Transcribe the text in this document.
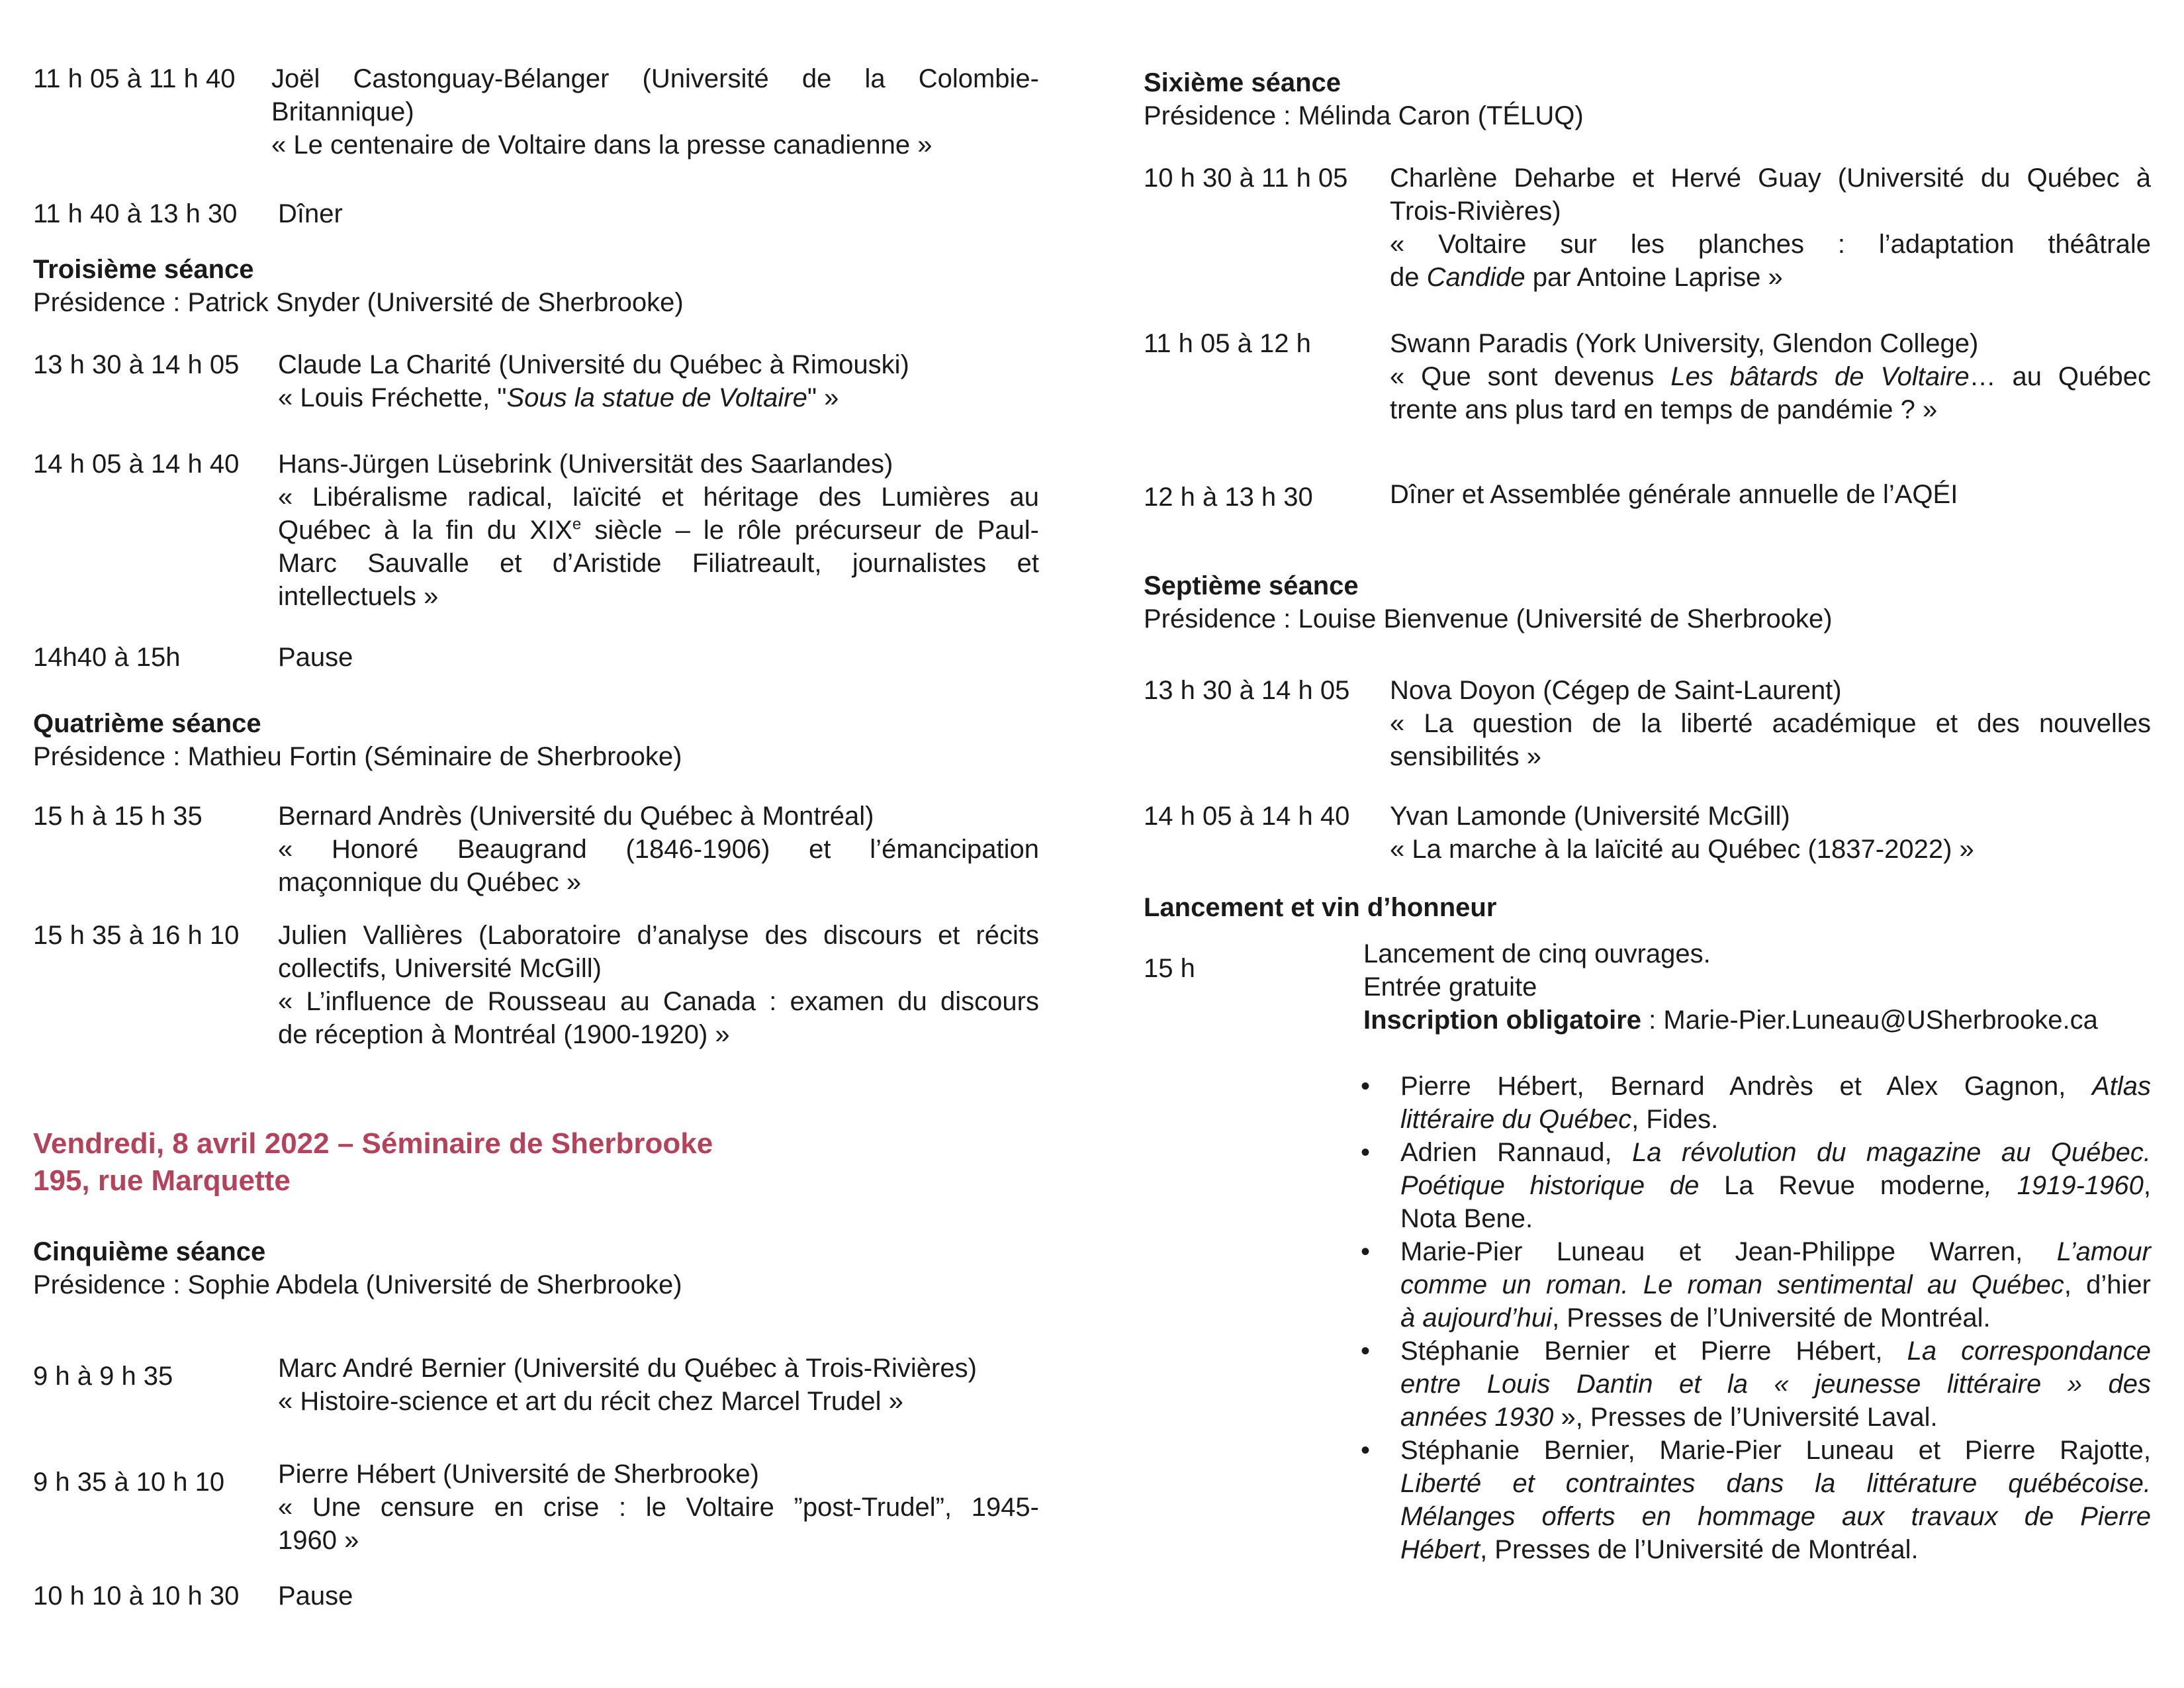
11 h 05 à 11 h 40 Joël Castonguay-Bélanger (Université de la Colombie-
Britannique)
« Le centenaire de Voltaire dans la presse canadienne »
11 h 40 à 13 h 30 Dîner
Troisième séance
Présidence : Patrick Snyder (Université de Sherbrooke)
13 h 30 à 14 h 05 Claude La Charité (Université du Québec à Rimouski)
« Louis Fréchette, "Sous la statue de Voltaire" »
14 h 05 à 14 h 40 Hans-Jürgen Lüsebrink (Universität des Saarlandes)
« Libéralisme radical, laïcité et héritage des Lumières au
Québec à la fin du XIXe siècle – le rôle précurseur de Paul-
Marc Sauvalle et d’Aristide Filiatreault, journalistes et
intellectuels »
14h40 à 15h	Pause
Quatrième séance
Présidence : Mathieu Fortin (Séminaire de Sherbrooke)
15 h à 15 h 35	Bernard Andrès (Université du Québec à Montréal)
« Honoré Beaugrand (1846-1906) et l’émancipation
maçonnique du Québec »
15 h 35 à 16 h 10 Julien Vallières (Laboratoire d’analyse des discours et récits
collectifs, Université McGill)
« L’influence de Rousseau au Canada : examen du discours
de réception à Montréal (1900-1920) »
Vendredi, 8 avril 2022 – Séminaire de Sherbrooke
195, rue Marquette
Cinquième séance
Présidence : Sophie Abdela (Université de Sherbrooke)
9 h à 9 h 35	Marc André Bernier (Université du Québec à Trois-Rivières)
« Histoire-science et art du récit chez Marcel Trudel »
9 h 35 à 10 h 10 Pierre Hébert (Université de Sherbrooke)
« Une censure en crise : le Voltaire ”post-Trudel”, 1945-
1960 »
10 h 10 à 10 h 30 Pause
Sixième séance
Présidence : Mélinda Caron (TÉLUQ)
10 h 30 à 11 h 05 Charlène Deharbe et Hervé Guay (Université du Québec à
Trois-Rivières)
« Voltaire sur les planches : l’adaptation théâtrale
de Candide par Antoine Laprise »
11 h 05 à 12 h	Swann Paradis (York University, Glendon College)
« Que sont devenus Les bâtards de Voltaire… au Québec
trente ans plus tard en temps de pandémie ? »
12 h à 13 h 30	Dîner et Assemblée générale annuelle de l’AQÉI
Septième séance
Présidence : Louise Bienvenue (Université de Sherbrooke)
13 h 30 à 14 h 05 Nova Doyon (Cégep de Saint-Laurent)
« La question de la liberté académique et des nouvelles
sensibilités »
14 h 05 à 14 h 40 Yvan Lamonde (Université McGill)
« La marche à la laïcité au Québec (1837-2022) »
Lancement et vin d’honneur
15 h	Lancement de cinq ouvrages.
Entrée gratuite
Inscription obligatoire : Marie-Pier.Luneau@USherbrooke.ca
• Pierre Hébert, Bernard Andrès et Alex Gagnon, Atlas
littéraire du Québec, Fides.
• Adrien Rannaud, La révolution du magazine au Québec.
Poétique historique de La Revue moderne, 1919-1960,
Nota Bene.
• Marie-Pier Luneau et Jean-Philippe Warren, L’amour
comme un roman. Le roman sentimental au Québec, d’hier
à aujourd’hui, Presses de l’Université de Montréal.
• Stéphanie Bernier et Pierre Hébert, La correspondance
entre Louis Dantin et la « jeunesse littéraire » des
années 1930 », Presses de l’Université Laval.
• Stéphanie Bernier, Marie-Pier Luneau et Pierre Rajotte,
Liberté et contraintes dans la littérature québécoise.
Mélanges offerts en hommage aux travaux de Pierre
Hébert, Presses de l’Université de Montréal.
